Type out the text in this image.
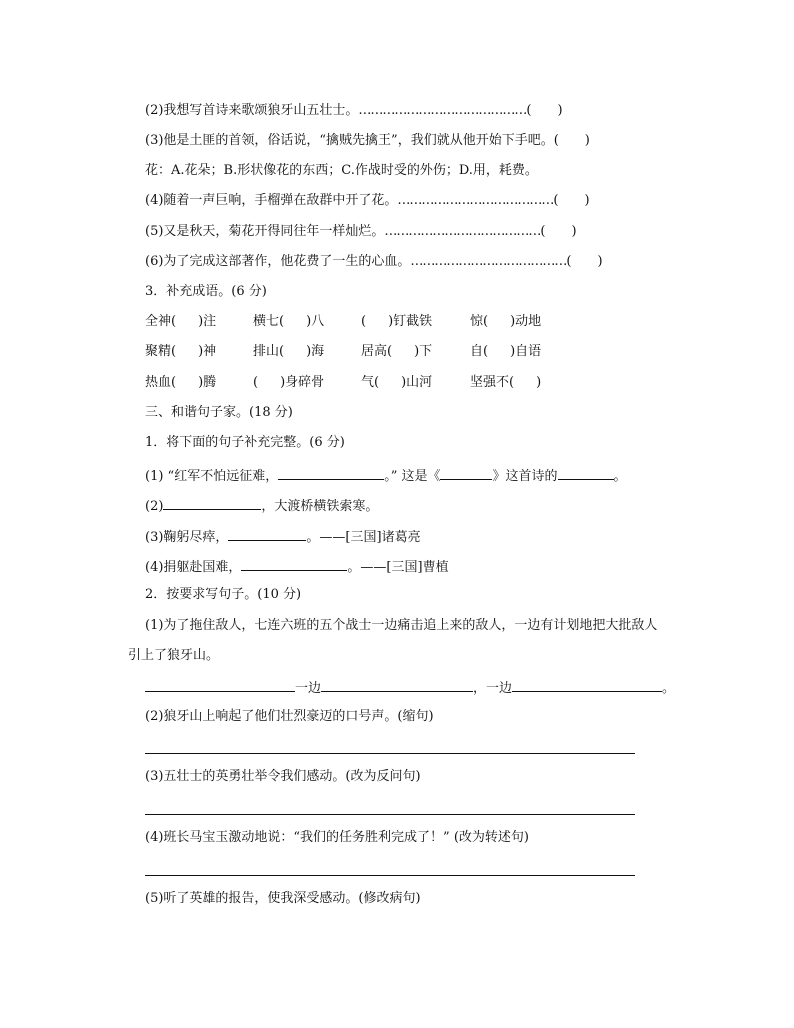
(2)我想写首诗来歌颂狼牙山五壮士。……………………………………(　　)
(3)他是土匪的首领，俗话说，“擒贼先擒王”，我们就从他开始下手吧。(　　)
花：A.花朵；B.形状像花的东西；C.作战时受的外伤；D.用，耗费。
(4)随着一声巨响，手榴弹在敌群中开了花。…………………………………(　　)
(5)又是秋天，菊花开得同往年一样灿烂。…………………………………(　　)
(6)为了完成这部著作，他花费了一生的心血。…………………………………(　　)
3．补充成语。(6 分)
全神( )注	横七( )八	( )钉截铁	惊( )动地
聚精( )神	排山( )海	居高( )下	自( )自语
热血( )腾	( )身碎骨	气( )山河	坚强不( )
三、和谐句子家。(18 分)
1．将下面的句子补充完整。(6 分)
(1) “红军不怕远征难，	。” 这是《	》这首诗的	。
(2)	，大渡桥横铁索寒。
(3)鞠躬尽瘁，	。——[三国]诸葛亮
(4)捐躯赴国难，	。——[三国]曹植
2．按要求写句子。(10 分)
(1)为了拖住敌人，七连六班的五个战士一边痛击追上来的敌人，一边有计划地把大批敌人
引上了狼牙山。
一边	，一边	。
(2)狼牙山上响起了他们壮烈豪迈的口号声。(缩句)
(3)五壮士的英勇壮举令我们感动。(改为反问句)
(4)班长马宝玉激动地说：“我们的任务胜利完成了！” (改为转述句)
(5)听了英雄的报告，使我深受感动。(修改病句)
